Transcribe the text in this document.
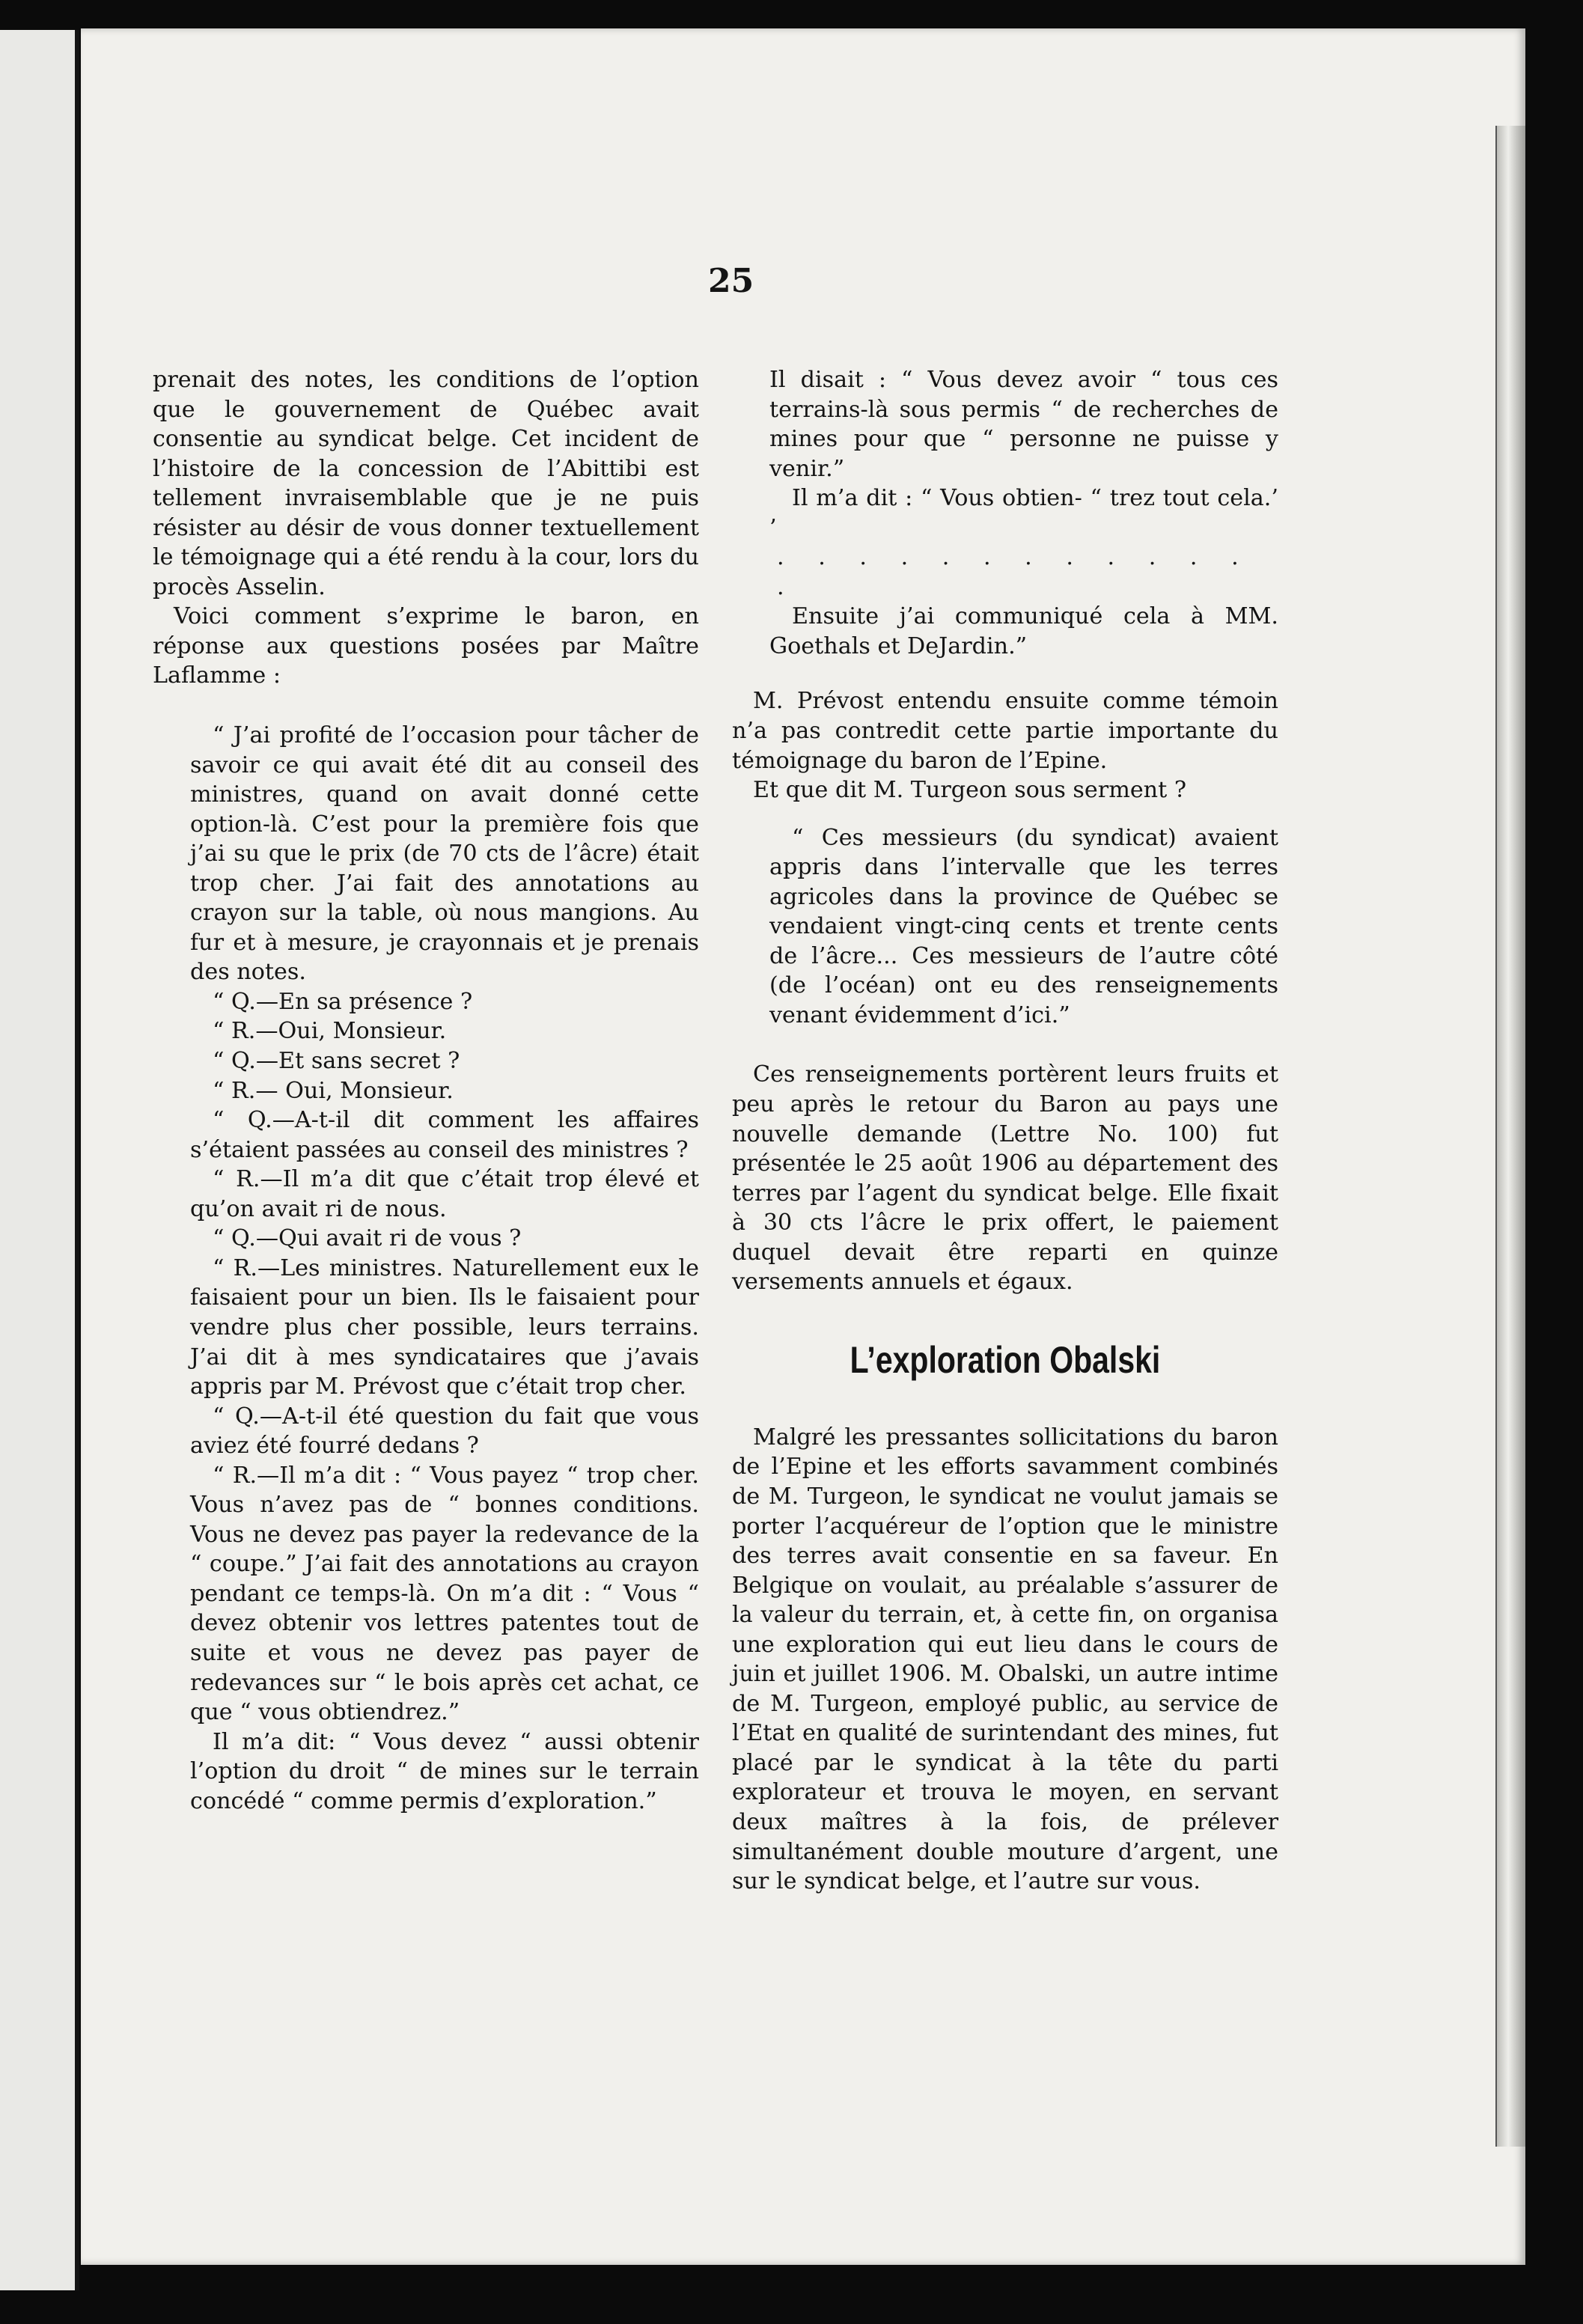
25

prenait des notes, les conditions de l’option que le gouvernement de Québec avait consentie au syndicat belge. Cet incident de l’histoire de la concession de l’Abittibi est tellement invraisemblable que je ne puis résister au désir de vous donner textuellement le témoignage qui a été rendu à la cour, lors du procès Asselin.

Voici comment s’exprime le baron, en réponse aux questions posées par Maître Laflamme :

“ J’ai profité de l’occasion pour tâcher de savoir ce qui avait été dit au conseil des ministres, quand on avait donné cette option-là. C’est pour la première fois que j’ai su que le prix (de 70 cts de l’âcre) était trop cher. J’ai fait des annotations au crayon sur la table, où nous mangions. Au fur et à mesure, je crayonnais et je prenais des notes.

“ Q.—En sa présence ?

“ R.—Oui, Monsieur.

“ Q.—Et sans secret ?

“ R.— Oui, Monsieur.

“ Q.—A-t-il dit comment les affaires s’étaient passées au conseil des ministres ?

“ R.—Il m’a dit que c’était trop élevé et qu’on avait ri de nous.

“ Q.—Qui avait ri de vous ?

“ R.—Les ministres. Naturellement eux le faisaient pour un bien. Ils le faisaient pour vendre plus cher possible, leurs terrains. J’ai dit à mes syndicataires que j’avais appris par M. Prévost que c’était trop cher.

“ Q.—A-t-il été question du fait que vous aviez été fourré dedans ?

“ R.—Il m’a dit : “ Vous payez “ trop cher. Vous n’avez pas de “ bonnes conditions. Vous ne devez pas payer la redevance de la “ coupe.” J’ai fait des annotations au crayon pendant ce temps-là. On m’a dit : “ Vous “ devez obtenir vos lettres patentes tout de suite et vous ne devez pas payer de redevances sur “ le bois après cet achat, ce que “ vous obtiendrez.”

Il m’a dit: “ Vous devez “ aussi obtenir l’option du droit “ de mines sur le terrain concédé “ comme permis d’exploration.”

Il disait : “ Vous devez avoir “ tous ces terrains-là sous permis “ de recherches de mines pour que “ personne ne puisse y venir.”

Il m’a dit : “ Vous obtien- “ trez tout cela.’ ’

. . . . . . . . . . . . .

Ensuite j’ai communiqué cela à MM. Goethals et DeJardin.”

M. Prévost entendu ensuite comme témoin n’a pas contredit cette partie importante du témoignage du baron de l’Epine.

Et que dit M. Turgeon sous serment ?

“ Ces messieurs (du syndicat) avaient appris dans l’intervalle que les terres agricoles dans la province de Québec se vendaient vingt-cinq cents et trente cents de l’âcre... Ces messieurs de l’autre côté (de l’océan) ont eu des renseignements venant évidemment d’ici.”

Ces renseignements portèrent leurs fruits et peu après le retour du Baron au pays une nouvelle demande (Lettre No. 100) fut présentée le 25 août 1906 au département des terres par l’agent du syndicat belge. Elle fixait à 30 cts l’âcre le prix offert, le paiement duquel devait être reparti en quinze versements annuels et égaux.

L’exploration Obalski

Malgré les pressantes sollicitations du baron de l’Epine et les efforts savamment combinés de M. Turgeon, le syndicat ne voulut jamais se porter l’acquéreur de l’option que le ministre des terres avait consentie en sa faveur. En Belgique on voulait, au préalable s’assurer de la valeur du terrain, et, à cette fin, on organisa une exploration qui eut lieu dans le cours de juin et juillet 1906. M. Obalski, un autre intime de M. Turgeon, employé public, au service de l’Etat en qualité de surintendant des mines, fut placé par le syndicat à la tête du parti explorateur et trouva le moyen, en servant deux maîtres à la fois, de prélever simultanément double mouture d’argent, une sur le syndicat belge, et l’autre sur vous.
